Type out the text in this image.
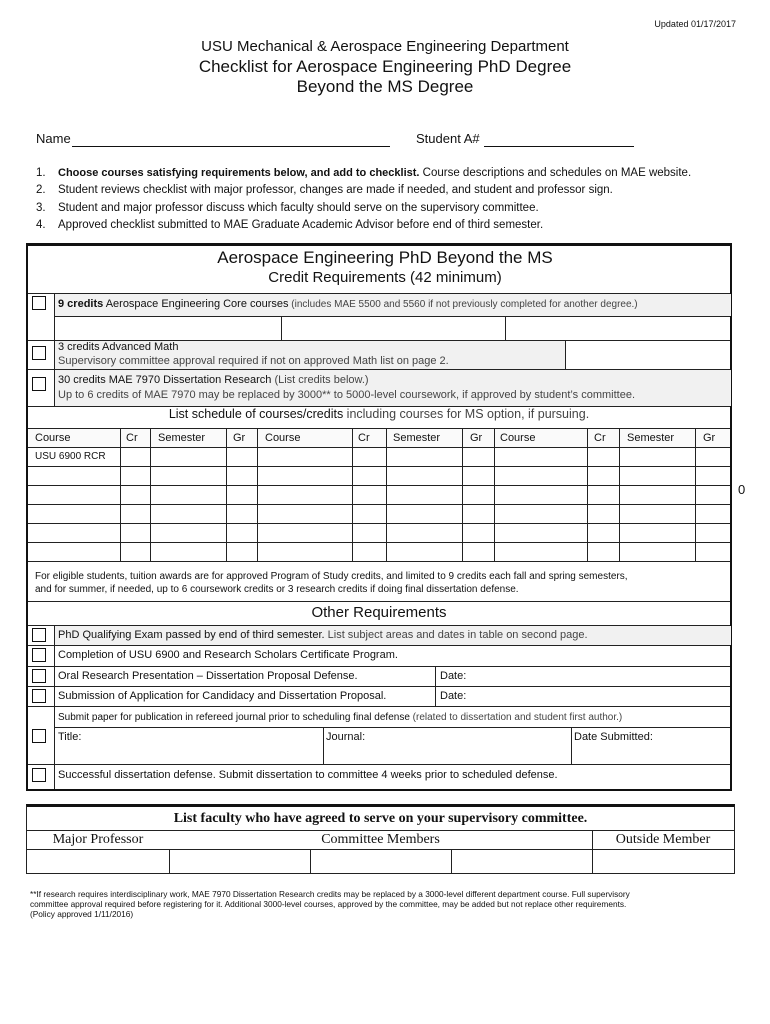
Updated 01/17/2017
USU Mechanical & Aerospace Engineering Department
Checklist for Aerospace Engineering PhD Degree
Beyond the MS Degree
Name	Student A#
1. Choose courses satisfying requirements below, and add to checklist. Course descriptions and schedules on MAE website.
2. Student reviews checklist with major professor, changes are made if needed, and student and professor sign.
3. Student and major professor discuss which faculty should serve on the supervisory committee.
4. Approved checklist submitted to MAE Graduate Academic Advisor before end of third semester.
Aerospace Engineering PhD Beyond the MS
Credit Requirements (42 minimum)
9 credits Aerospace Engineering Core courses (includes MAE 5500 and 5560 if not previously completed for another degree.)
3 credits Advanced Math
Supervisory committee approval required if not on approved Math list on page 2.
30 credits MAE 7970 Dissertation Research (List credits below.)
Up to 6 credits of MAE 7970 may be replaced by 3000** to 5000-level coursework, if approved by student’s committee.
List schedule of courses/credits including courses for MS option, if pursuing.
Course	Cr Semester	Gr Course	Cr Semester	Gr Course	Cr Semester	Gr
USU 6900 RCR
0
For eligible students, tuition awards are for approved Program of Study credits, and limited to 9 credits each fall and spring semesters,
and for summer, if needed, up to 6 coursework credits or 3 research credits if doing final dissertation defense.
Other Requirements
PhD Qualifying Exam passed by end of third semester. List subject areas and dates in table on second page.
Completion of USU 6900 and Research Scholars Certificate Program.
Oral Research Presentation – Dissertation Proposal Defense.	Date:
Submission of Application for Candidacy and Dissertation Proposal.	Date:
Submit paper for publication in refereed journal prior to scheduling final defense (related to dissertation and student first author.)
Title:	Journal:	Date Submitted:
Successful dissertation defense. Submit dissertation to committee 4 weeks prior to scheduled defense.
List faculty who have agreed to serve on your supervisory committee.
Major Professor	Committee Members	Outside Member
**If research requires interdisciplinary work, MAE 7970 Dissertation Research credits may be replaced by a 3000-level different department course. Full supervisory
committee approval required before registering for it. Additional 3000-level courses, approved by the committee, may be added but not replace other requirements.
(Policy approved 1/11/2016)
